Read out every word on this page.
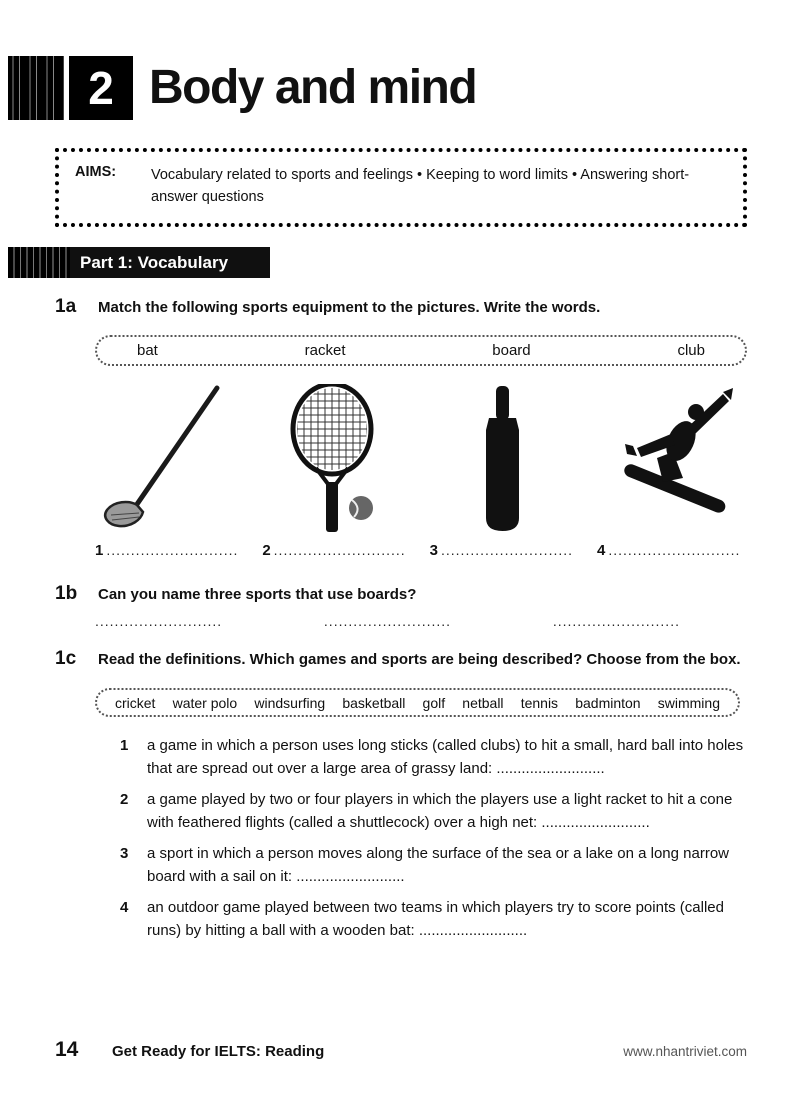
2 Body and mind
AIMS:	Vocabulary related to sports and feelings • Keeping to word limits • Answering short-answer questions
Part 1: Vocabulary
1a Match the following sports equipment to the pictures. Write the words.
bat	racket	board	club
1 ........................... 2 ........................... 3 ........................... 4 ...........................
1b Can you name three sports that use boards?
..........................	..........................	..........................
1c Read the definitions. Which games and sports are being described? Choose from the box.
cricket water polo windsurfing basketball golf netball tennis badminton swimming
1	a game in which a person uses long sticks (called clubs) to hit a small, hard ball into holes that are spread out over a large area of grassy land: ..........................
2	a game played by two or four players in which the players use a light racket to hit a cone with feathered flights (called a shuttlecock) over a high net: ..........................
3	a sport in which a person moves along the surface of the sea or a lake on a long narrow board with a sail on it: ..........................
4	an outdoor game played between two teams in which players try to score points (called runs) by hitting a ball with a wooden bat: ..........................
14 Get Ready for IELTS: Reading	www.nhantriviet.com
